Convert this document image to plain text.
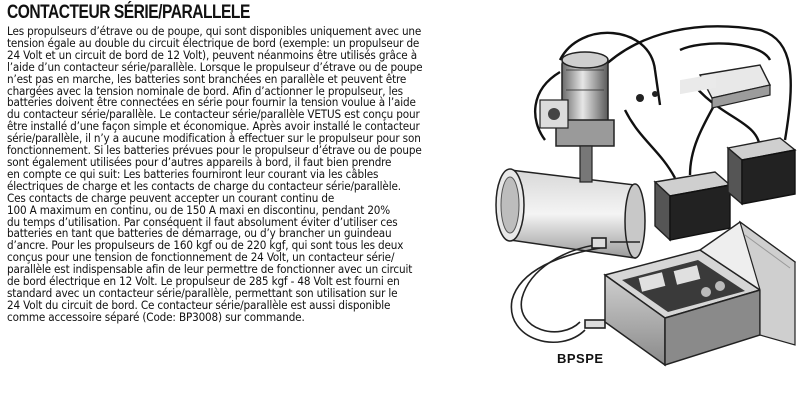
CONTACTEUR SÉRIE/PARALLELE
Les propulseurs d’étrave ou de poupe, qui sont disponibles uniquement avec une
tension égale au double du circuit électrique de bord (exemple: un propulseur de
24 Volt et un circuit de bord de 12 Volt), peuvent néanmoins être utilisés grâce à
l’aide d’un contacteur série/parallèle. Lorsque le propulseur d’étrave ou de poupe
n’est pas en marche, les batteries sont branchées en parallèle et peuvent être
chargées avec la tension nominale de bord. Afin d’actionner le propulseur, les
batteries doivent être connectées en série pour fournir la tension voulue à l’aide
du contacteur série/parallèle. Le contacteur série/parallèle VETUS est conçu pour
être installé d’une façon simple et économique. Après avoir installé le contacteur
série/parallèle, il n’y a aucune modification à effectuer sur le propulseur pour son
fonctionnement. Si les batteries prévues pour le propulseur d’étrave ou de poupe
sont également utilisées pour d’autres appareils à bord, il faut bien prendre
en compte ce qui suit: Les batteries fourniront leur courant via les câbles
électriques de charge et les contacts de charge du contacteur série/parallèle.
Ces contacts de charge peuvent accepter un courant continu de
100 A maximum en continu, ou de 150 A maxi en discontinu, pendant 20%
du temps d’utilisation. Par conséquent il faut absolument éviter d’utiliser ces
batteries en tant que batteries de démarrage, ou d’y brancher un guindeau
d’ancre. Pour les propulseurs de 160 kgf ou de 220 kgf, qui sont tous les deux
conçus pour une tension de fonctionnement de 24 Volt, un contacteur série/
parallèle est indispensable afin de leur permettre de fonctionner avec un circuit
de bord électrique en 12 Volt. Le propulseur de 285 kgf - 48 Volt est fourni en
standard avec un contacteur série/parallèle, permettant son utilisation sur le
24 Volt du circuit de bord. Ce contacteur série/parallèle est aussi disponible
comme accessoire séparé (Code: BP3008) sur commande.
BPSPE
